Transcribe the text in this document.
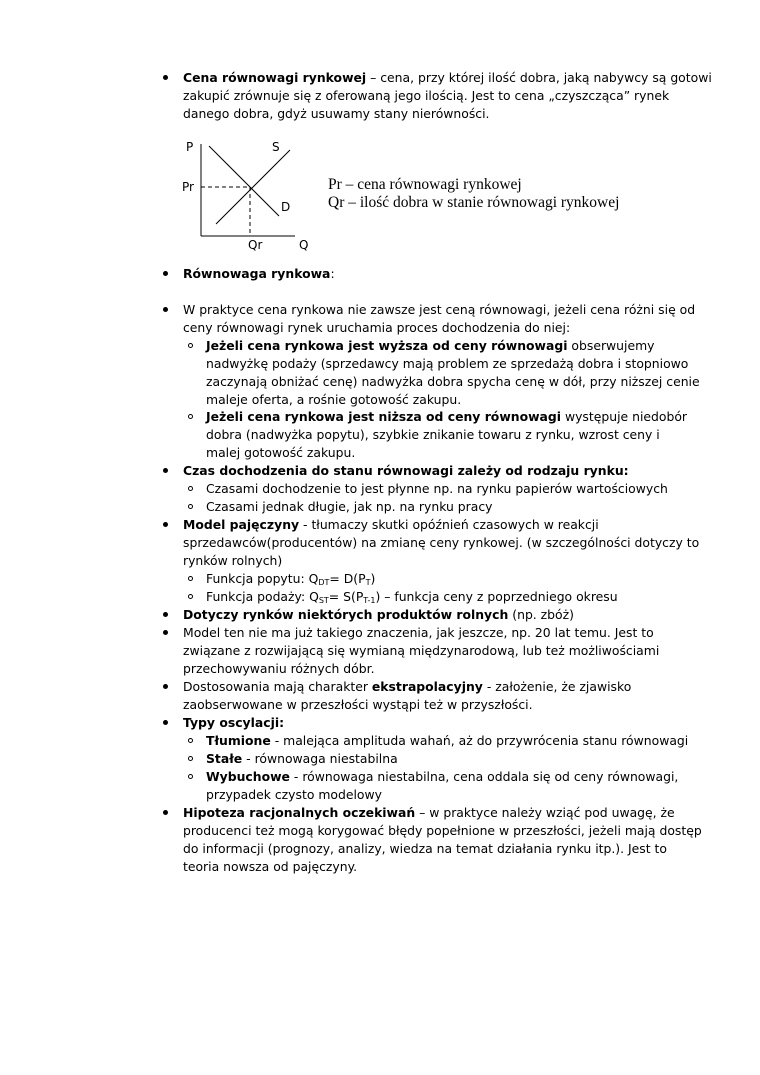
Cena równowagi rynkowej – cena, przy której ilość dobra, jaką nabywcy są gotowi
zakupić zrównuje się z oferowaną jego ilością. Jest to cena „czyszcząca” rynek
danego dobra, gdyż usuwamy stany nierówności.
P	S
Pr
D
Qr	Q
Pr – cena równowagi rynkowej
Qr – ilość dobra w stanie równowagi rynkowej
Równowaga rynkowa:
W praktyce cena rynkowa nie zawsze jest ceną równowagi, jeżeli cena różni się od
ceny równowagi rynek uruchamia proces dochodzenia do niej:
Jeżeli cena rynkowa jest wyższa od ceny równowagi obserwujemy
nadwyżkę podaży (sprzedawcy mają problem ze sprzedażą dobra i stopniowo
zaczynają obniżać cenę) nadwyżka dobra spycha cenę w dół, przy niższej cenie
maleje oferta, a rośnie gotowość zakupu.
Jeżeli cena rynkowa jest niższa od ceny równowagi występuje niedobór
dobra (nadwyżka popytu), szybkie znikanie towaru z rynku, wzrost ceny i
malej gotowość zakupu.
Czas dochodzenia do stanu równowagi zależy od rodzaju rynku:
Czasami dochodzenie to jest płynne np. na rynku papierów wartościowych
Czasami jednak długie, jak np. na rynku pracy
Model pajęczyny - tłumaczy skutki opóźnień czasowych w reakcji
sprzedawców(producentów) na zmianę ceny rynkowej. (w szczególności dotyczy to
rynków rolnych)
Funkcja popytu: $Q_{DT}= D(P_T)$
Funkcja podaży: $Q_{ST}= S(P_{T-1})$ – funkcja ceny z poprzedniego okresu
Dotyczy rynków niektórych produktów rolnych (np. zbóż)
Model ten nie ma już takiego znaczenia, jak jeszcze, np. 20 lat temu. Jest to
związane z rozwijającą się wymianą międzynarodową, lub też możliwościami
przechowywaniu różnych dóbr.
Dostosowania mają charakter ekstrapolacyjny - założenie, że zjawisko
zaobserwowane w przeszłości wystąpi też w przyszłości.
Typy oscylacji:
Tłumione - malejąca amplituda wahań, aż do przywrócenia stanu równowagi
Stałe - równowaga niestabilna
Wybuchowe - równowaga niestabilna, cena oddala się od ceny równowagi,
przypadek czysto modelowy
Hipoteza racjonalnych oczekiwań – w praktyce należy wziąć pod uwagę, że
producenci też mogą korygować błędy popełnione w przeszłości, jeżeli mają dostęp
do informacji (prognozy, analizy, wiedza na temat działania rynku itp.). Jest to
teoria nowsza od pajęczyny.
